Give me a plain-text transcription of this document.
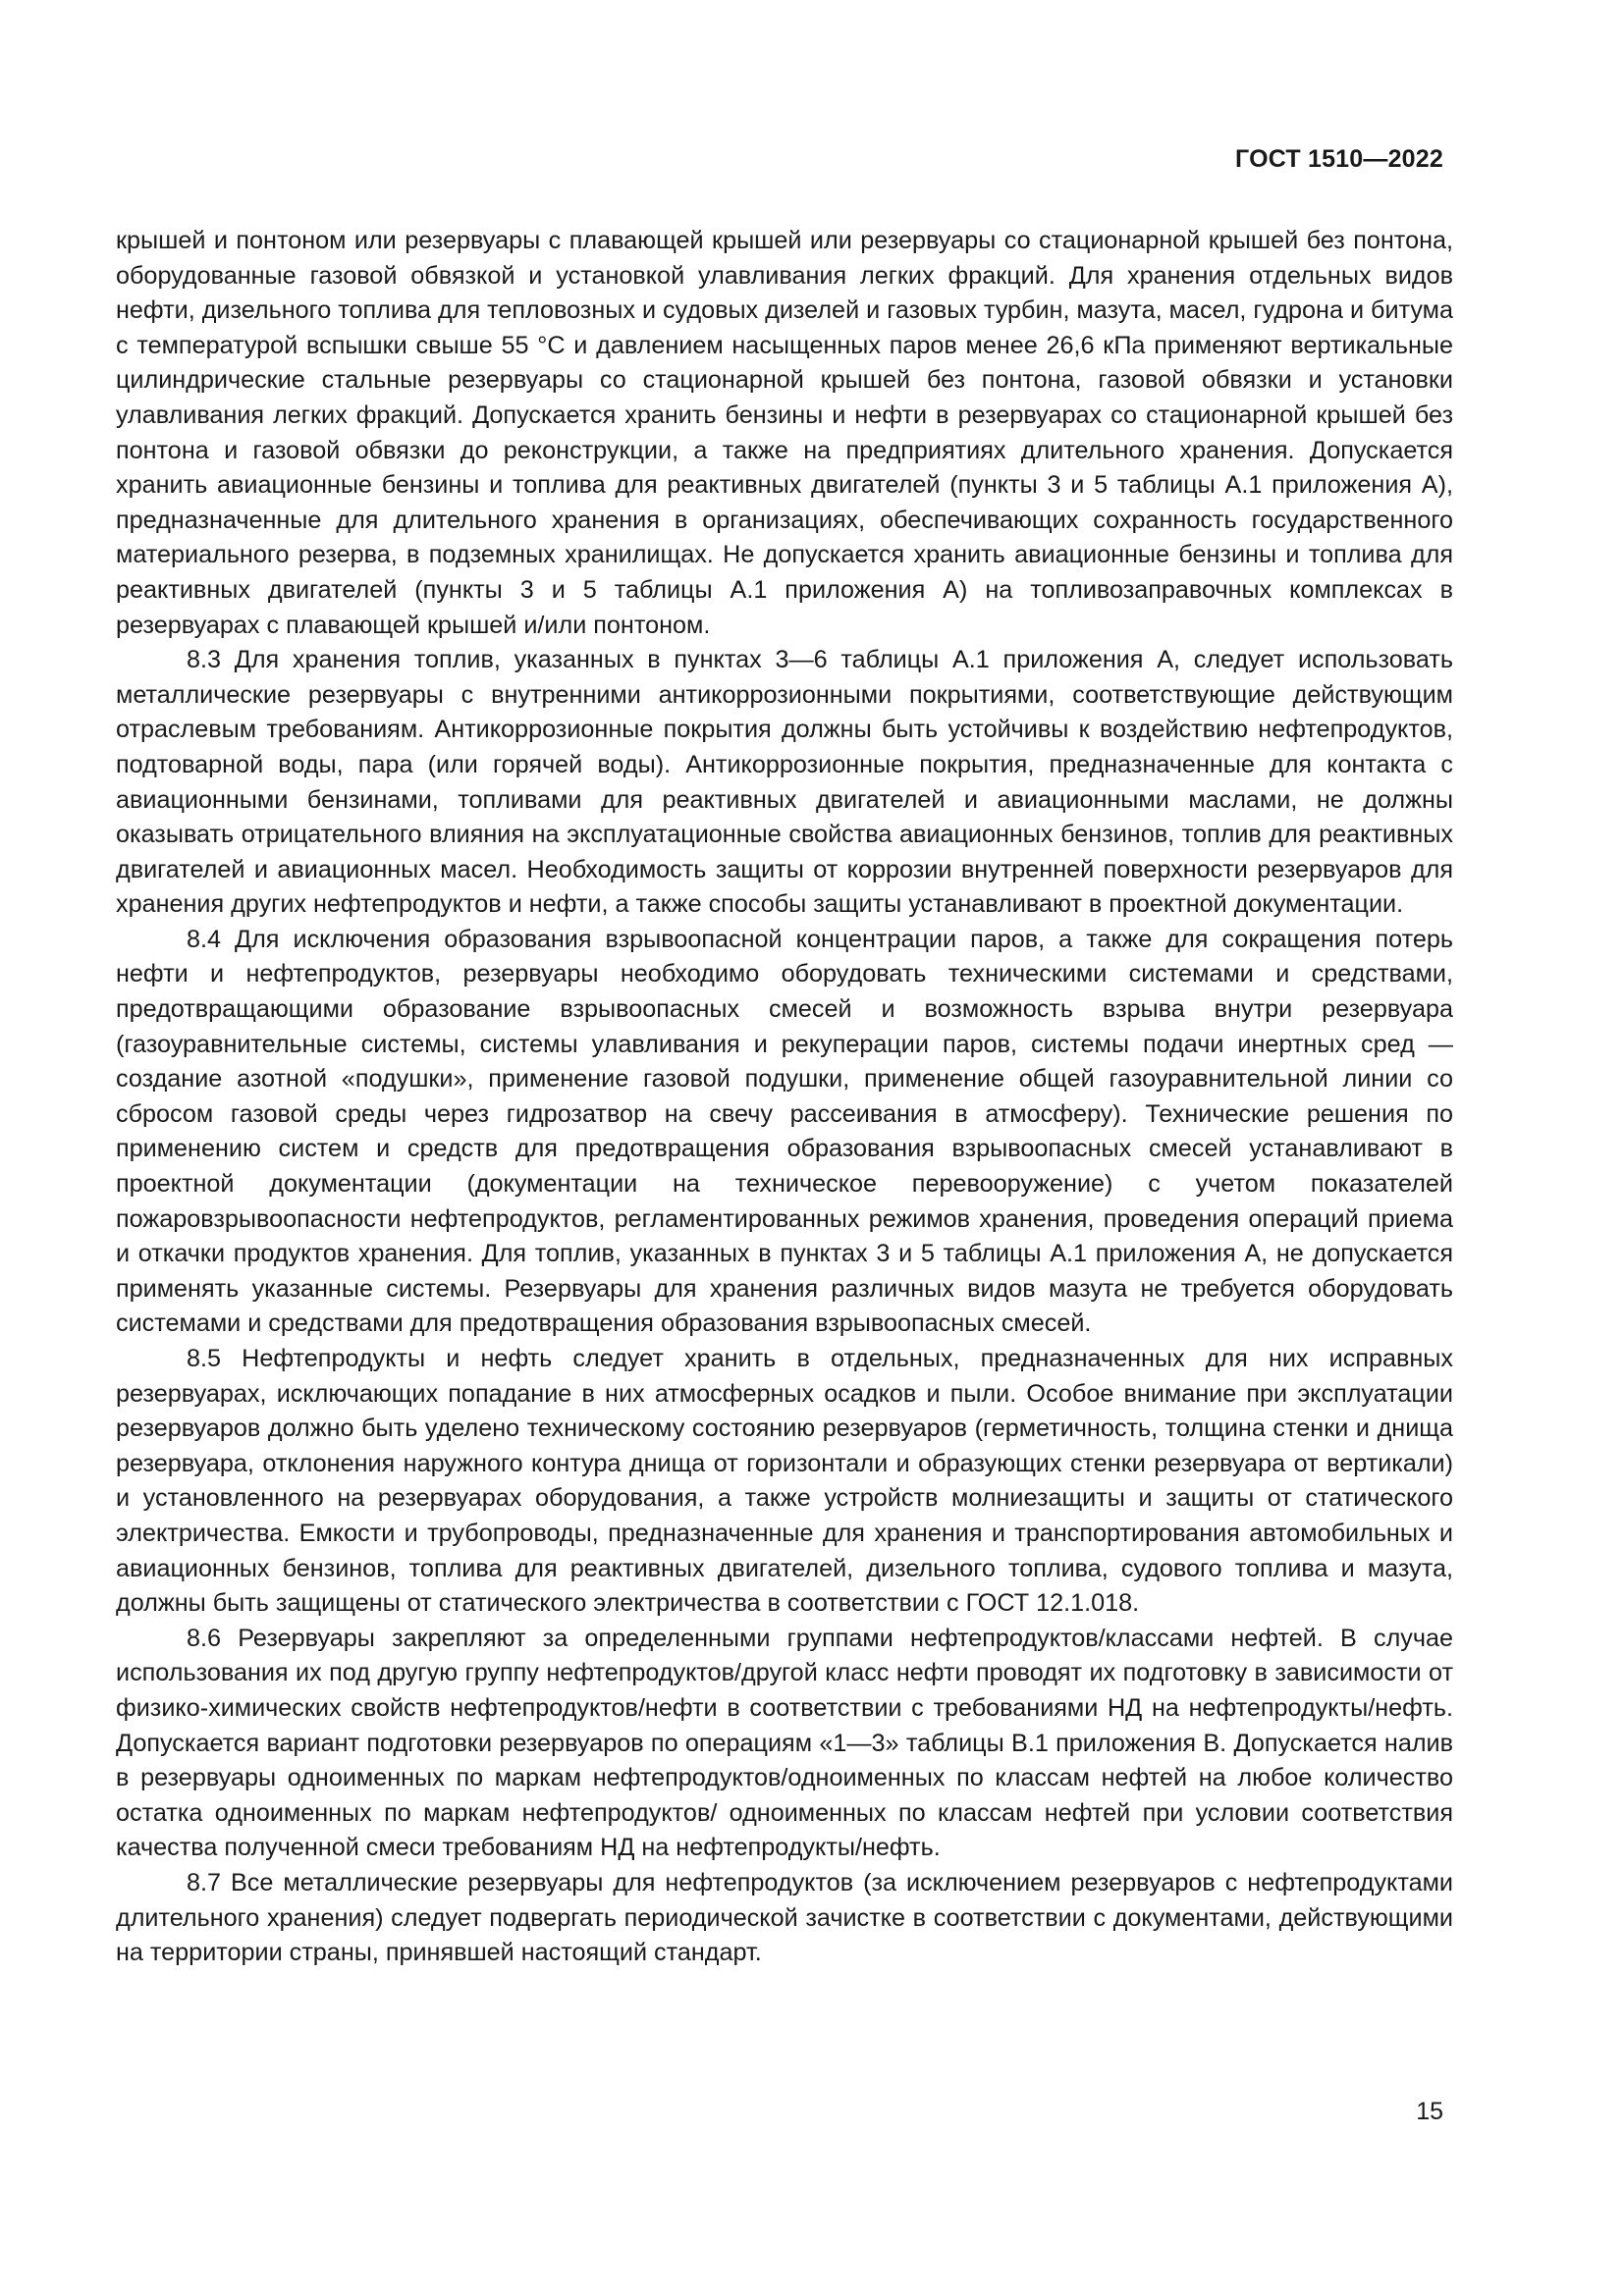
ГОСТ 1510—2022

крышей и понтоном или резервуары с плавающей крышей или резервуары со стационарной крышей без понтона, оборудованные газовой обвязкой и установкой улавливания легких фракций. Для хранения отдельных видов нефти, дизельного топлива для тепловозных и судовых дизелей и газовых турбин, мазута, масел, гудрона и битума с температурой вспышки свыше 55 °С и давлением насыщенных паров менее 26,6 кПа применяют вертикальные цилиндрические стальные резервуары со стационарной крышей без понтона, газовой обвязки и установки улавливания легких фракций. Допускается хранить бензины и нефти в резервуарах со стационарной крышей без понтона и газовой обвязки до реконструкции, а также на предприятиях длительного хранения. Допускается хранить авиационные бензины и топлива для реактивных двигателей (пункты 3 и 5 таблицы А.1 приложения А), предназначенные для длительного хранения в организациях, обеспечивающих сохранность государственного материального резерва, в подземных хранилищах. Не допускается хранить авиационные бензины и топлива для реактивных двигателей (пункты 3 и 5 таблицы А.1 приложения А) на топливозаправочных комплексах в резервуарах с плавающей крышей и/или понтоном.

8.3 Для хранения топлив, указанных в пунктах 3—6 таблицы А.1 приложения А, следует использовать металлические резервуары с внутренними антикоррозионными покрытиями, соответствующие действующим отраслевым требованиям. Антикоррозионные покрытия должны быть устойчивы к воздействию нефтепродуктов, подтоварной воды, пара (или горячей воды). Антикоррозионные покрытия, предназначенные для контакта с авиационными бензинами, топливами для реактивных двигателей и авиационными маслами, не должны оказывать отрицательного влияния на эксплуатационные свойства авиационных бензинов, топлив для реактивных двигателей и авиационных масел. Необходимость защиты от коррозии внутренней поверхности резервуаров для хранения других нефтепродуктов и нефти, а также способы защиты устанавливают в проектной документации.

8.4 Для исключения образования взрывоопасной концентрации паров, а также для сокращения потерь нефти и нефтепродуктов, резервуары необходимо оборудовать техническими системами и средствами, предотвращающими образование взрывоопасных смесей и возможность взрыва внутри резервуара (газоуравнительные системы, системы улавливания и рекуперации паров, системы подачи инертных сред — создание азотной «подушки», применение газовой подушки, применение общей газоуравнительной линии со сбросом газовой среды через гидрозатвор на свечу рассеивания в атмосферу). Технические решения по применению систем и средств для предотвращения образования взрывоопасных смесей устанавливают в проектной документации (документации на техническое перевооружение) с учетом показателей пожаровзрывоопасности нефтепродуктов, регламентированных режимов хранения, проведения операций приема и откачки продуктов хранения. Для топлив, указанных в пунктах 3 и 5 таблицы А.1 приложения А, не допускается применять указанные системы. Резервуары для хранения различных видов мазута не требуется оборудовать системами и средствами для предотвращения образования взрывоопасных смесей.

8.5 Нефтепродукты и нефть следует хранить в отдельных, предназначенных для них исправных резервуарах, исключающих попадание в них атмосферных осадков и пыли. Особое внимание при эксплуатации резервуаров должно быть уделено техническому состоянию резервуаров (герметичность, толщина стенки и днища резервуара, отклонения наружного контура днища от горизонтали и образующих стенки резервуара от вертикали) и установленного на резервуарах оборудования, а также устройств молниезащиты и защиты от статического электричества. Емкости и трубопроводы, предназначенные для хранения и транспортирования автомобильных и авиационных бензинов, топлива для реактивных двигателей, дизельного топлива, судового топлива и мазута, должны быть защищены от статического электричества в соответствии с ГОСТ 12.1.018.

8.6 Резервуары закрепляют за определенными группами нефтепродуктов/классами нефтей. В случае использования их под другую группу нефтепродуктов/другой класс нефти проводят их подготовку в зависимости от физико-химических свойств нефтепродуктов/нефти в соответствии с требованиями НД на нефтепродукты/нефть. Допускается вариант подготовки резервуаров по операциям «1—3» таблицы В.1 приложения В. Допускается налив в резервуары одноименных по маркам нефтепродуктов/одноименных по классам нефтей на любое количество остатка одноименных по маркам нефтепродуктов/ одноименных по классам нефтей при условии соответствия качества полученной смеси требованиям НД на нефтепродукты/нефть.

8.7 Все металлические резервуары для нефтепродуктов (за исключением резервуаров с нефтепродуктами длительного хранения) следует подвергать периодической зачистке в соответствии с документами, действующими на территории страны, принявшей настоящий стандарт.

15
